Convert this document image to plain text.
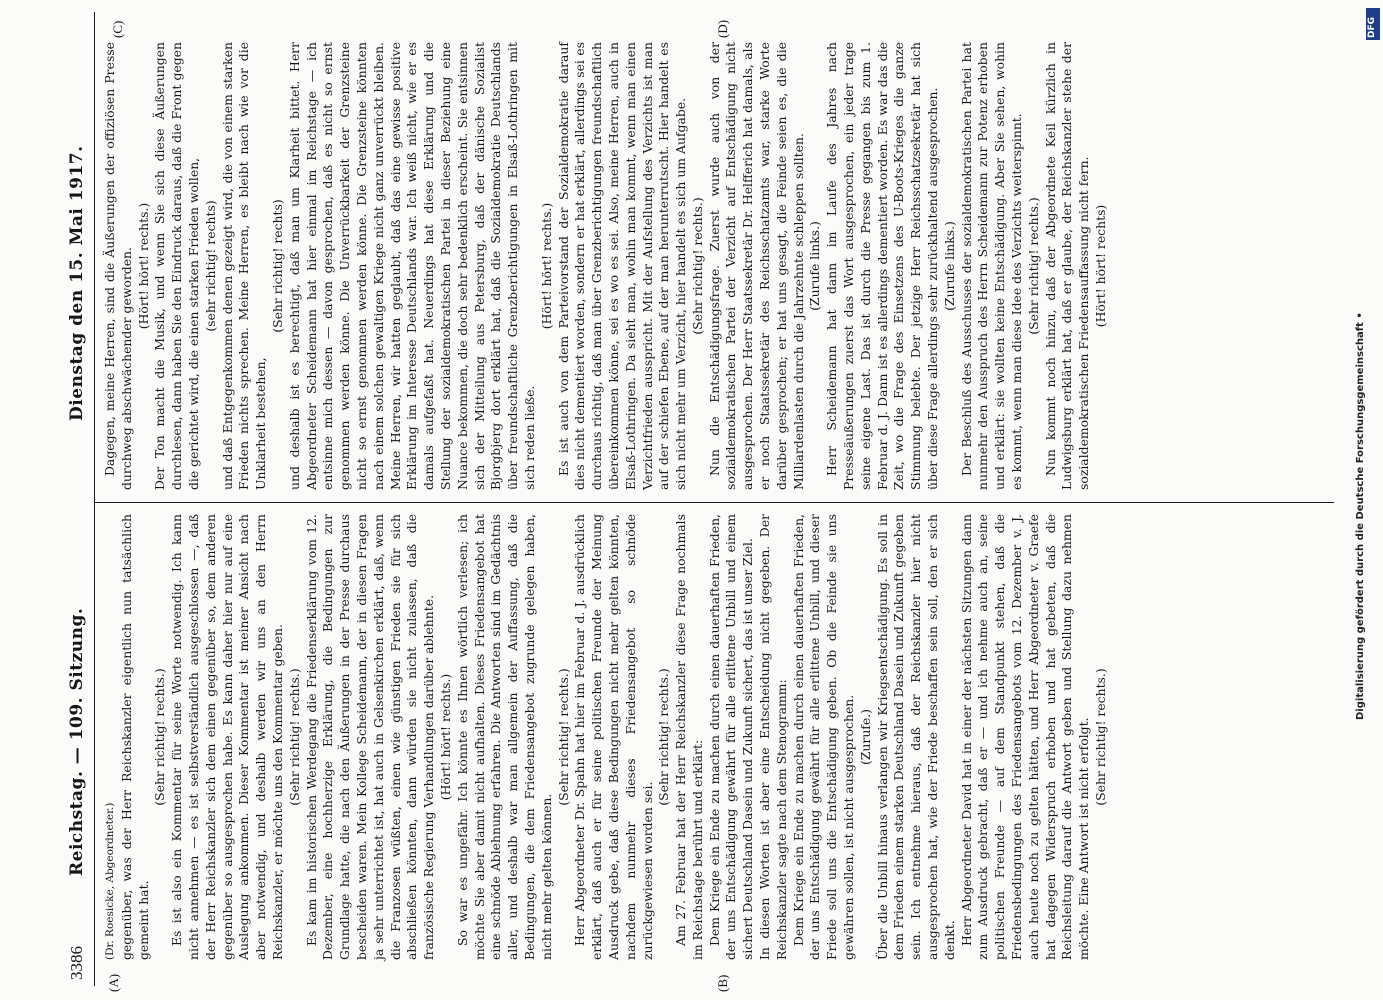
3386
Reichstag. — 109. Sitzung.
Dienstag den 15. Mai 1917.
(A)	(B)
(C)	(D)

(Dr. Roesicke, Abgeordneter.) gegenüber, was der Herr Reichskanzler eigentlich nun tatsächlich gemeint hat.

(Sehr richtig! rechts.) Es ist also ein Kommentar für seine Worte notwendig. Ich kann nicht annehmen — es ist selbstverständlich ausgeschlossen —, daß der Herr Reichskanzler sich dem einen gegenüber so, dem anderen gegenüber so ausgesprochen habe. Es kann daher hier nur auf eine Auslegung ankommen. Dieser Kommentar ist meiner Ansicht nach aber notwendig, und deshalb werden wir uns an den Herrn Reichskanzler, er möchte uns den Kommentar geben. (Sehr richtig! rechts.) Es kam im historischen Werdegang die Friedenserklärung vom 12. Dezember, eine hochherzige Erklärung, die Bedingungen zur Grundlage hatte, die nach den Äußerungen in der Presse durchaus bescheiden waren. Mein Kollege Scheidemann, der in diesen Fragen ja sehr unterrichtet ist, hat auch in Gelsenkirchen erklärt, daß, wenn die Franzosen wüßten, einen wie günstigen Frieden sie für sich abschließen könnten, dann würden sie nicht zulassen, daß die französische Regierung Verhandlungen darüber ablehnte. (Hört! hört! rechts.) So war es ungefähr. Ich könnte es Ihnen wörtlich verlesen; ich möchte Sie aber damit nicht aufhalten. Dieses Friedensangebot hat eine schnöde Ablehnung erfahren. Die Antworten sind im Gedächtnis aller, und deshalb war man allgemein der Auffassung, daß die Bedingungen, die dem Friedensangebot zugrunde gelegen haben, nicht mehr gelten können.

(Sehr richtig! rechts.) Herr Abgeordneter Dr. Spahn hat hier im Februar d. J. ausdrücklich erklärt, daß auch er für seine politischen Freunde der Meinung Ausdruck gebe, daß diese Bedingungen nicht mehr gelten könnten, nachdem nunmehr dieses Friedensangebot so schnöde zurückgewiesen worden sei.

(Sehr richtig! rechts.) Am 27. Februar hat der Herr Reichskanzler diese Frage nochmals im Reichstage berührt und erklärt: Dem Kriege ein Ende zu machen durch einen dauerhaften Frieden, der uns Entschädigung gewährt für alle erlittene Unbill und einem sichert Deutschland Dasein und Zukunft sichert, das ist unser Ziel. In diesen Worten ist aber eine Entscheidung nicht gegeben. Der Reichskanzler sagte nach dem Stenogramm: Dem Kriege ein Ende zu machen durch einen dauerhaften Frieden, der uns Entschädigung gewährt für alle erlittene Unbill, und dieser Friede soll uns die Entschädigung geben. Ob die Feinde sie uns gewähren sollen, ist nicht ausgesprochen. (Zurufe.) Über die Unbill hinaus verlangen wir Kriegsentschädigung. Es soll in dem Frieden einem starken Deutschland Dasein und Zukunft gegeben sein. Ich entnehme hieraus, daß der Reichskanzler hier nicht ausgesprochen hat, wie der Friede beschaffen sein soll, den er sich denkt. Herr Abgeordneter David hat in einer der nächsten Sitzungen dann zum Ausdruck gebracht, daß er — und ich nehme auch an, seine politischen Freunde — auf dem Standpunkt stehen, daß die Friedensbedingungen des Friedensangebots vom 12. Dezember v. J. auch heute noch zu gelten hätten, und Herr Abgeordneter v. Graefe hat dagegen Widerspruch erhoben und hat gebeten, daß die Reichsleitung darauf die Antwort geben und Stellung dazu nehmen möchte. Eine Antwort ist nicht erfolgt. (Sehr richtig! rechts.)

Dagegen, meine Herren, sind die Äußerungen der offiziösen Presse durchweg abschwächender geworden. (Hört! hört! rechts.) Der Ton macht die Musik, und wenn Sie sich diese Äußerungen durchlesen, dann haben Sie den Eindruck daraus, daß die Front gegen die gerichtet wird, die einen starken Frieden wollen, (sehr richtig! rechts) und daß Entgegenkommen denen gezeigt wird, die von einem starken Frieden nichts sprechen. Meine Herren, es bleibt nach wie vor die Unklarheit bestehen,

(Sehr richtig! rechts) und deshalb ist es berechtigt, daß man um Klarheit bittet. Herr Abgeordneter Scheidemann hat hier einmal im Reichstage — ich entsinne mich dessen — davon gesprochen, daß es nicht so ernst genommen werden könne. Die Unverrückbarkeit der Grenzsteine nicht so ernst genommen werden könne. Die Grenzsteine könnten nach einem solchen gewaltigen Kriege nicht ganz unverrückt bleiben. Meine Herren, wir hatten geglaubt, daß das eine gewisse positive Erklärung im Interesse Deutschlands war. Ich weiß nicht, wie er es damals aufgefaßt hat. Neuerdings hat diese Erklärung und die Stellung der sozialdemokratischen Partei in dieser Beziehung eine Nuance bekommen, die doch sehr bedenklich erscheint. Sie entsinnen sich der Mitteilung aus Petersburg, daß der dänische Sozialist Bjorgbjerg dort erklärt hat, daß die Sozialdemokratie Deutschlands über freundschaftliche Grenzberichtigungen in Elsaß-Lothringen mit sich reden ließe.

(Hört! hört! rechts.) Es ist auch von dem Parteivorstand der Sozialdemokratie darauf dies nicht dementiert worden, sondern er hat erklärt, allerdings sei es durchaus richtig, daß man über Grenzberichtigungen freundschaftlich übereinkommen könne, sei es wo es sei. Also, meine Herren, auch in Elsaß-Lothringen. Da sieht man, wohin man kommt, wenn man einen Verzichtfrieden ausspricht. Mit der Aufstellung des Verzichts ist man auf der schiefen Ebene, auf der man herunterrutscht. Hier handelt es sich nicht mehr um Verzicht, hier handelt es sich um Aufgabe. (Sehr richtig! rechts.) Nun die Entschädigungsfrage. Zuerst wurde auch von der sozialdemokratischen Partei der Verzicht auf Entschädigung nicht ausgesprochen. Der Herr Staatssekretär Dr. Helfferich hat damals, als er noch Staatssekretär des Reichsschatzamts war, starke Worte darüber gesprochen; er hat uns gesagt, die Feinde seien es, die die Milliardenlasten durch die Jahrzehnte schleppen sollten. (Zurufe links.) Herr Scheidemann hat dann im Laufe des Jahres nach Presseäußerungen zuerst das Wort ausgesprochen, ein jeder trage seine eigene Last. Das ist durch die Presse gegangen bis zum 1. Februar d. J. Dann ist es allerdings dementiert worden. Es war das die Zeit, wo die Frage des Einsetzens des U-Boots-Krieges die ganze Stimmung belebte. Der jetzige Herr Reichsschatzsekretär hat sich über diese Frage allerdings sehr zurückhaltend ausgesprochen. (Zurufe links.) Der Beschluß des Ausschusses der sozialdemokratischen Partei hat nunmehr den Ausspruch des Herrn Scheidemann zur Potenz erhoben und erklärt: sie wollten keine Entschädigung. Aber Sie sehen, wohin es kommt, wenn man diese Idee des Verzichts weiterspinnt. (Sehr richtig! rechts.) Nun kommt noch hinzu, daß der Abgeordnete Keil kürzlich in Ludwigsburg erklärt hat, daß er glaube, der Reichskanzler stehe der sozialdemokratischen Friedensauffassung nicht fern. (Hört! hört! rechts)

Digitalisierung gefördert durch die Deutsche Forschungsgemeinschaft •
DFG
